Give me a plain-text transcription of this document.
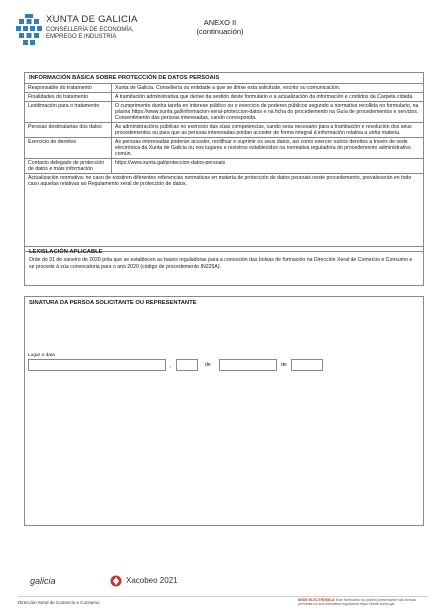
XUNTA DE GALICIA
CONSELLERÍA DE ECONOMÍA,
EMPREGO E INDUSTRIA
ANEXO II
(continuación)
INFORMACIÓN BÁSICA SOBRE PROTECCIÓN DE DATOS PERSOAIS
Responsable do tratamento	Xunta de Galicia. Consellería ou entidade a que se dirixe esta solicitude, escrito ou comunicación.
Finalidades do tratamento	A tramitación administrativa que derive da xestión deste formulario e a actualización da información e contidos da Carpeta cidadá.
Lexitimación para o tratamento	O cumprimento dunha tarefa en interese público ou o exercicio de poderes públicos segundo a normativa recollida no formulario, na páxina https://www.xunta.gal/informacion-xeral-proteccion-datos e na ficha do procedemento na Guía de procedementos e servizos. Consentimento das persoas interesadas, cando corresponda.
Persoas destinatarias dos datos	As administracións públicas no exercicio das súas competencias, cando sexa necesario para a tramitación e resolución dos seus procedementos ou para que as persoas interesadas poidan acceder de forma integral á información relativa a unha materia.
Exercicio de dereitos	As persoas interesadas poderán acceder, rectificar e suprimir os seus datos, así como exercer outros dereitos a través de sede electrónica da Xunta de Galicia ou nos lugares e rexistros establecidos na normativa reguladora do procedemento administrativo común.
Contacto delegado de protección de datos e máis información	https://www.xunta.gal/proteccion-datos-persoais
Actualización normativa: no caso de existiren diferentes referencias normativas en materia de protección de datos persoais neste procedemento, prevalecerán en todo caso aquelas relativas ao Regulamento xeral de protección de datos.
LEXISLACIÓN APLICABLE
Orde do 31 de xaneiro de 2020 pola que se establecen as bases reguladoras para a concesión das bolsas de formación na Dirección Xeral de Comercio e Consumo e se procede á súa convocatoria para o ano 2020 (código de procedemento IN225A).
SINATURA DA PERSOA SOLICITANTE OU REPRESENTANTE
Lugar e data
,	de	de
galicia	Xacobeo 2021
Dirección Xeral de Comercio e Consumo	SEDE ELECTRÓNICA Este formulario só poderá presentarse nas formas previstas na súa normativa reguladora https://sede.xunta.gal
